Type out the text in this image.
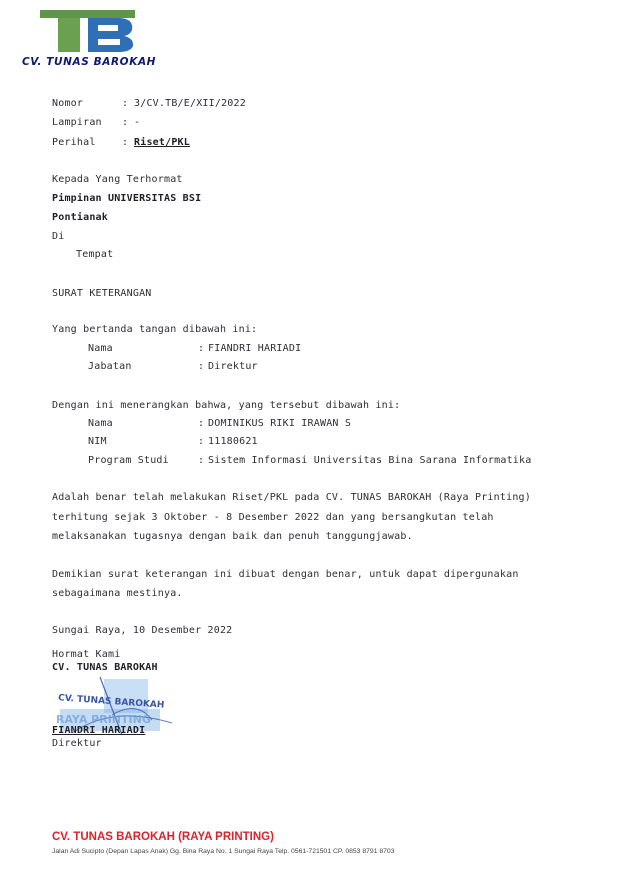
CV. TUNAS BAROKAH
Nomor	: 3/CV.TB/E/XII/2022
Lampiran : -
Perihal	: Riset/PKL
Kepada Yang Terhormat
Pimpinan UNIVERSITAS BSI
Pontianak
Di
Tempat
SURAT KETERANGAN
Yang bertanda tangan dibawah ini:
Nama	: FIANDRI HARIADI
Jabatan	: Direktur
Dengan ini menerangkan bahwa, yang tersebut dibawah ini:
Nama	: DOMINIKUS RIKI IRAWAN S
NIM	: 11180621
Program Studi	: Sistem Informasi Universitas Bina Sarana Informatika
Adalah benar telah melakukan Riset/PKL pada CV. TUNAS BAROKAH (Raya Printing)
terhitung sejak 3 Oktober - 8 Desember 2022 dan yang bersangkutan telah
melaksanakan tugasnya dengan baik dan penuh tanggungjawab.
Demikian surat keterangan ini dibuat dengan benar, untuk dapat dipergunakan
sebagaimana mestinya.
Sungai Raya, 10 Desember 2022
Hormat Kami
CV. TUNAS BAROKAH
CV. TUNAS BAROKAH
RAYA PRINTING
FIANDRI HARIADI
Direktur
CV. TUNAS BAROKAH (RAYA PRINTING)
Jalan Adi Sucipto (Depan Lapas Anak) Gg. Bina Raya No. 1 Sungai Raya Telp. 0561-721501 CP. 0853 8791 8703
